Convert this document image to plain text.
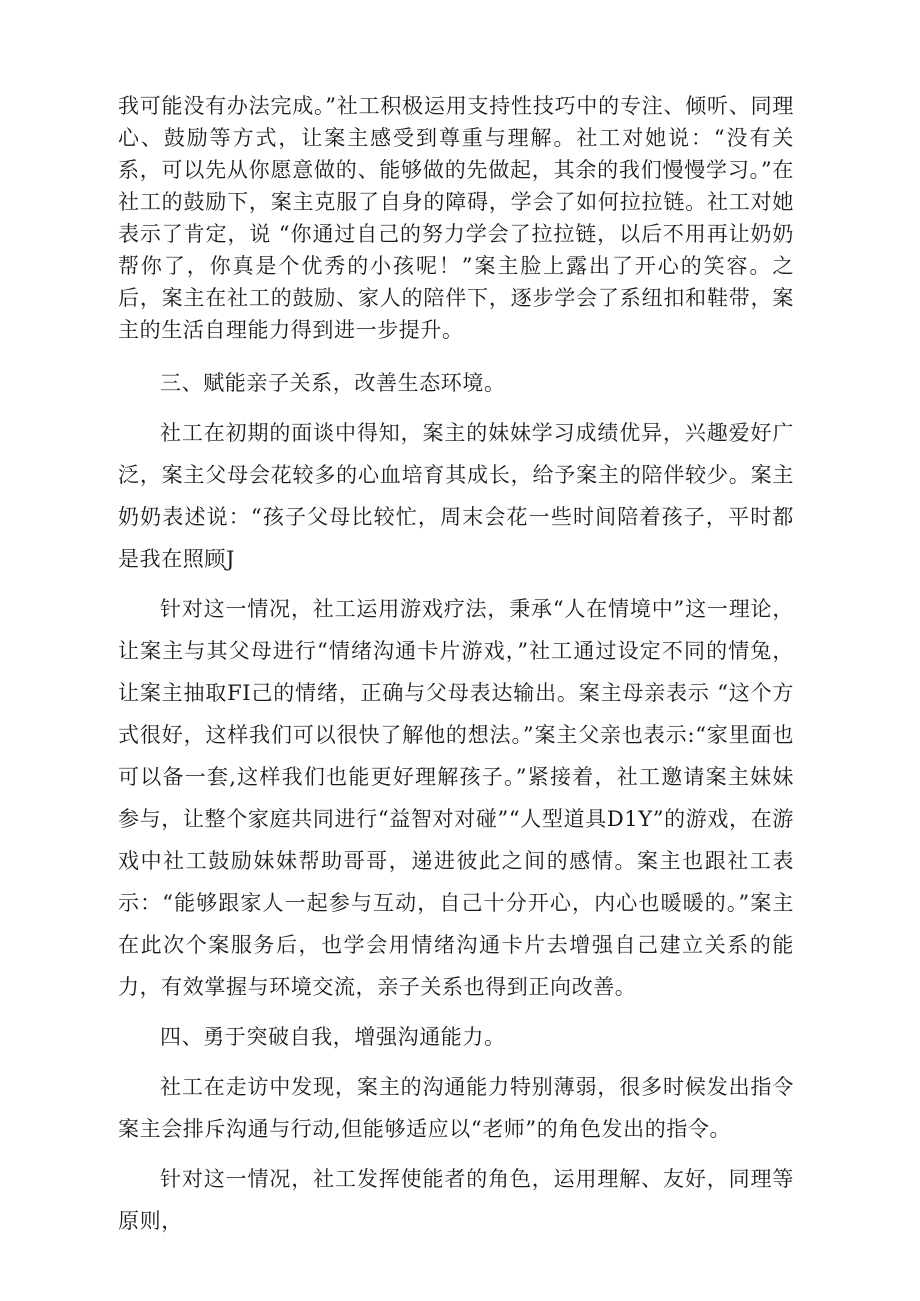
我可能没有办法完成。”社工积极运用支持性技巧中的专注、倾听、同理心、鼓励等方式，让案主感受到尊重与理解。社工对她说：“没有关系，可以先从你愿意做的、能够做的先做起，其余的我们慢慢学习。”在社工的鼓励下，案主克服了自身的障碍，学会了如何拉拉链。社工对她表示了肯定，说 “你通过自己的努力学会了拉拉链，以后不用再让奶奶帮你了，你真是个优秀的小孩呢！”案主脸上露出了开心的笑容。之后，案主在社工的鼓励、家人的陪伴下，逐步学会了系纽扣和鞋带，案主的生活自理能力得到进一步提升。

三、赋能亲子关系，改善生态环境。

社工在初期的面谈中得知，案主的妹妹学习成绩优异，兴趣爱好广泛，案主父母会花较多的心血培育其成长，给予案主的陪伴较少。案主奶奶表述说：“孩子父母比较忙，周末会花一些时间陪着孩子，平时都是我在照顾J

针对这一情况，社工运用游戏疗法，秉承“人在情境中”这一理论，让案主与其父母进行“情绪沟通卡片游戏，”社工通过设定不同的情兔，让案主抽取FI己的情绪，正确与父母表达输出。案主母亲表示 “这个方式很好，这样我们可以很快了解他的想法。”案主父亲也表示:“家里面也可以备一套,这样我们也能更好理解孩子。”紧接着，社工邀请案主妹妹参与，让整个家庭共同进行“益智对对碰”“人型道具D1Y”的游戏，在游戏中社工鼓励妹妹帮助哥哥，递进彼此之间的感情。案主也跟社工表示：“能够跟家人一起参与互动，自己十分开心，内心也暖暖的。”案主在此次个案服务后，也学会用情绪沟通卡片去增强自己建立关系的能力，有效掌握与环境交流，亲子关系也得到正向改善。

四、勇于突破自我，增强沟通能力。

社工在走访中发现，案主的沟通能力特别薄弱，很多时候发出指令案主会排斥沟通与行动,但能够适应以“老师”的角色发出的指令。

针对这一情况，社工发挥使能者的角色，运用理解、友好，同理等原则，
